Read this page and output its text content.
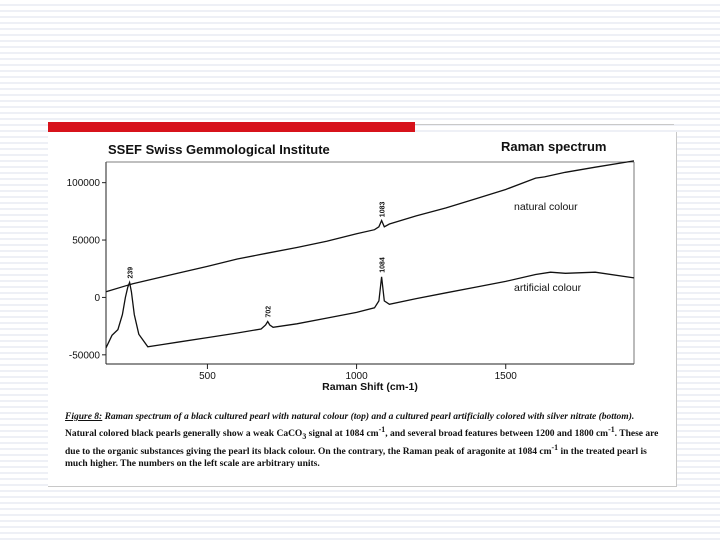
SSEF Swiss Gemmological Institute	Raman spectrum
100000
50000
0
-50000
500	1000	1500
natural colour
artificial colour
239
702
1083
1084
Raman Shift (cm-1)

Figure 8: Raman spectrum of a black cultured pearl with natural colour (top) and a cultured pearl artificially colored with silver nitrate (bottom).

Natural colored black pearls generally show a weak CaCO$_3$ signal at 1084 $cm^{-1}$, and several broad features between 1200 and 1800 $cm^{-1}$. These are due to the organic substances giving the pearl its black colour. On the contrary, the Raman peak of aragonite at 1084 $cm^{-1}$ in the treated pearl is much higher. The numbers on the left scale are arbitrary units.
